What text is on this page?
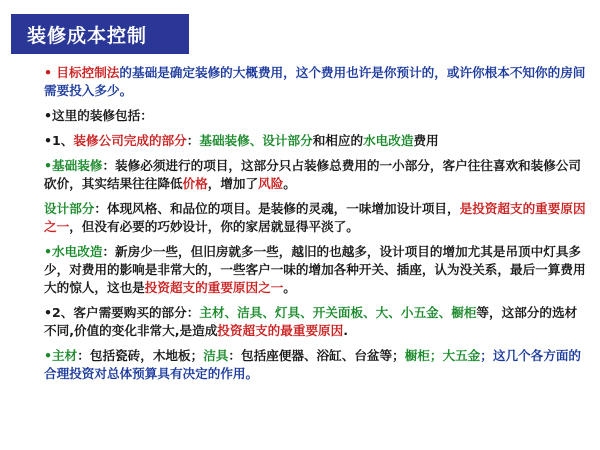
装修成本控制

• 目标控制法的基础是确定装修的大概费用，这个费用也许是你预计的，或许你根本不知你的房间需要投入多少。

•这里的装修包括：

•1、装修公司完成的部分：基础装修、设计部分和相应的水电改造费用

•基础装修：装修必须进行的项目，这部分只占装修总费用的一小部分，客户往往喜欢和装修公司砍价，其实结果往往降低价格，增加了风险。

设计部分：体现风格、和品位的项目。是装修的灵魂，一味增加设计项目，是投资超支的重要原因之一，但没有必要的巧妙设计，你的家居就显得平淡了。

•水电改造：新房少一些，但旧房就多一些，越旧的也越多，设计项目的增加尤其是吊顶中灯具多少，对费用的影响是非常大的，一些客户一味的增加各种开关、插座，认为没关系，最后一算费用大的惊人，这也是投资超支的重要原因之一。

•2、客户需要购买的部分：主材、洁具、灯具、开关面板、大、小五金、橱柜等，这部分的选材不同,价值的变化非常大,是造成投资超支的最重要原因.

•主材：包括瓷砖，木地板；洁具：包括座便器、浴缸、台盆等；橱柜；大五金；这几个各方面的合理投资对总体预算具有决定的作用。
